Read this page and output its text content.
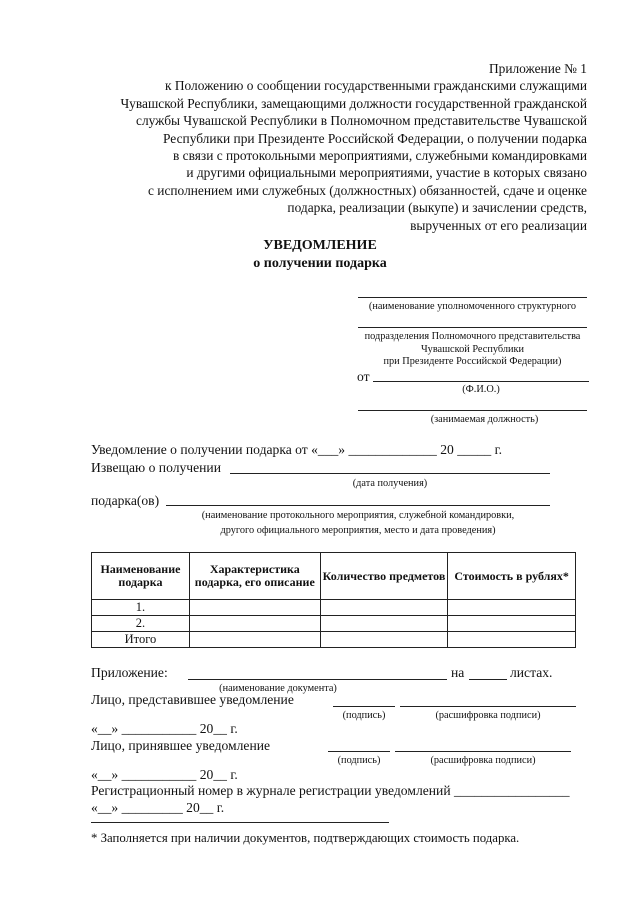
Приложение № 1
к Положению о сообщении государственными гражданскими служащими
Чувашской Республики, замещающими должности государственной гражданской
службы Чувашской Республики в Полномочном представительстве Чувашской
Республики при Президенте Российской Федерации, о получении подарка
в связи с протокольными мероприятиями, служебными командировками
и другими официальными мероприятиями, участие в которых связано
с исполнением ими служебных (должностных) обязанностей, сдаче и оценке
подарка, реализации (выкупе) и зачислении средств,
вырученных от его реализации
УВЕДОМЛЕНИЕ
о получении подарка
(наименование уполномоченного структурного
подразделения Полномочного представительства
Чувашской Республики
при Президенте Российской Федерации)
от
(Ф.И.О.)
(занимаемая должность)
Уведомление о получении подарка от «___» _____________ 20 _____ г.
Извещаю о получении
(дата получения)
подарка(ов)
(наименование протокольного мероприятия, служебной командировки,
другого официального мероприятия, место и дата проведения)
Наименование подарка	Характеристика подарка, его описание	Количество предметов	Стоимость в рублях*
1.			
2.			
Итого			
Приложение:	на	листах.
(наименование документа)
Лицо, представившее уведомление
(подпись)	(расшифровка подписи)
«__» ___________ 20__ г.
Лицо, принявшее уведомление
(подпись)	(расшифровка подписи)
«__» ___________ 20__ г.
Регистрационный номер в журнале регистрации уведомлений _________________
«__» _________ 20__ г.
* Заполняется при наличии документов, подтверждающих стоимость подарка.
